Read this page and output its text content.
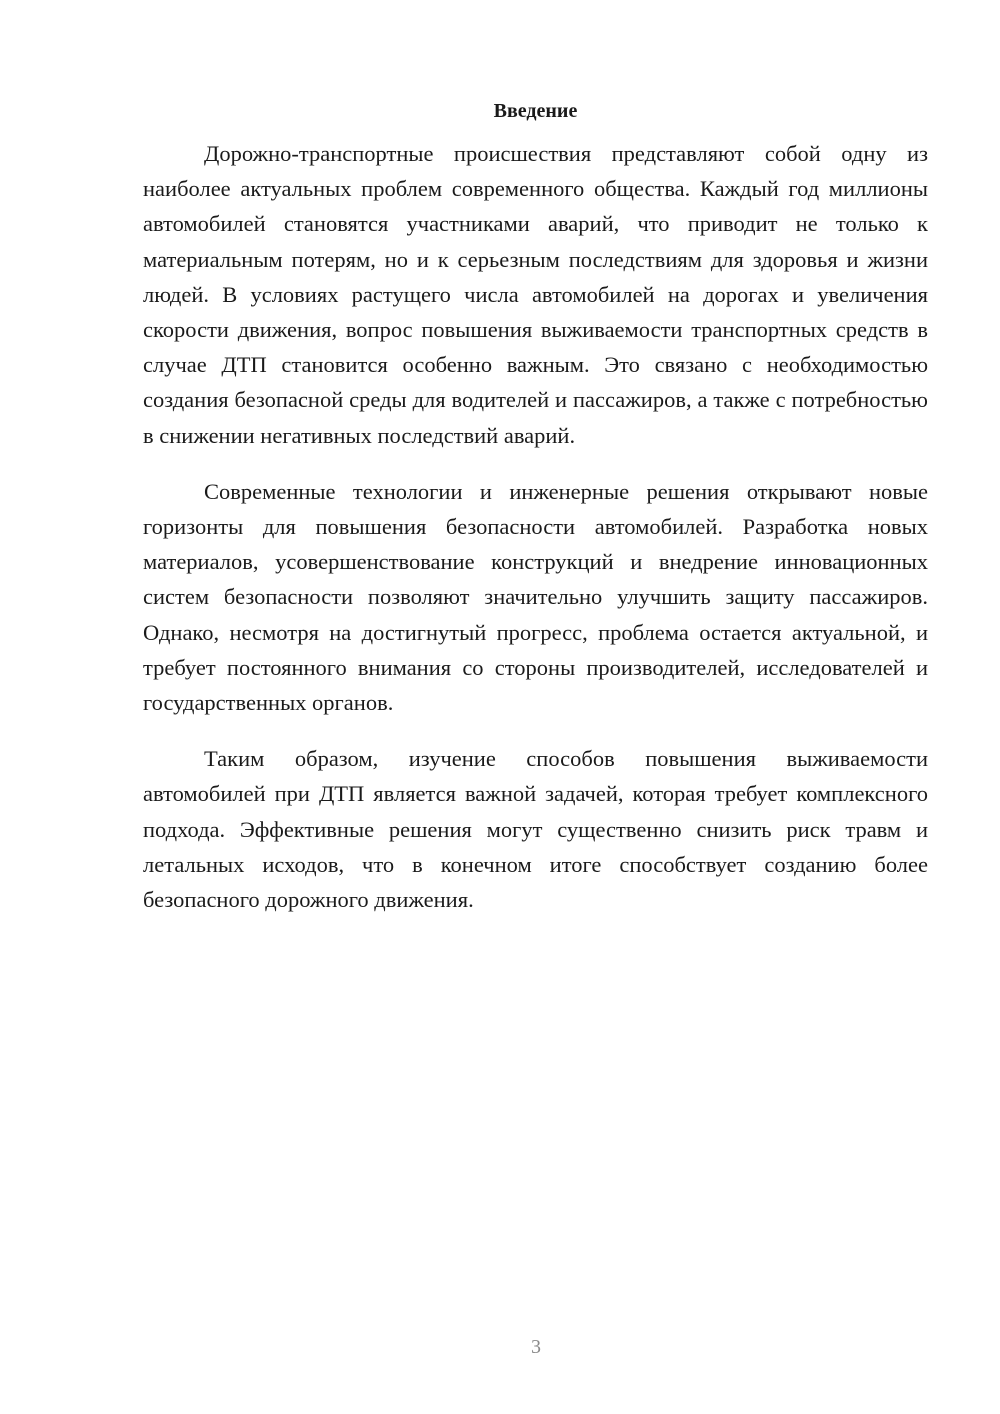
Введение

Дорожно-транспортные происшествия представляют собой одну из наиболее актуальных проблем современного общества. Каждый год миллионы автомобилей становятся участниками аварий, что приводит не только к материальным потерям, но и к серьезным последствиям для здоровья и жизни людей. В условиях растущего числа автомобилей на дорогах и увеличения скорости движения, вопрос повышения выживаемости транспортных средств в случае ДТП становится особенно важным. Это связано с необходимостью создания безопасной среды для водителей и пассажиров, а также с потребностью в снижении негативных последствий аварий.

Современные технологии и инженерные решения открывают новые горизонты для повышения безопасности автомобилей. Разработка новых материалов, усовершенствование конструкций и внедрение инновационных систем безопасности позволяют значительно улучшить защиту пассажиров. Однако, несмотря на достигнутый прогресс, проблема остается актуальной, и требует постоянного внимания со стороны производителей, исследователей и государственных органов.

Таким образом, изучение способов повышения выживаемости автомобилей при ДТП является важной задачей, которая требует комплексного подхода. Эффективные решения могут существенно снизить риск травм и летальных исходов, что в конечном итоге способствует созданию более безопасного дорожного движения.

3
